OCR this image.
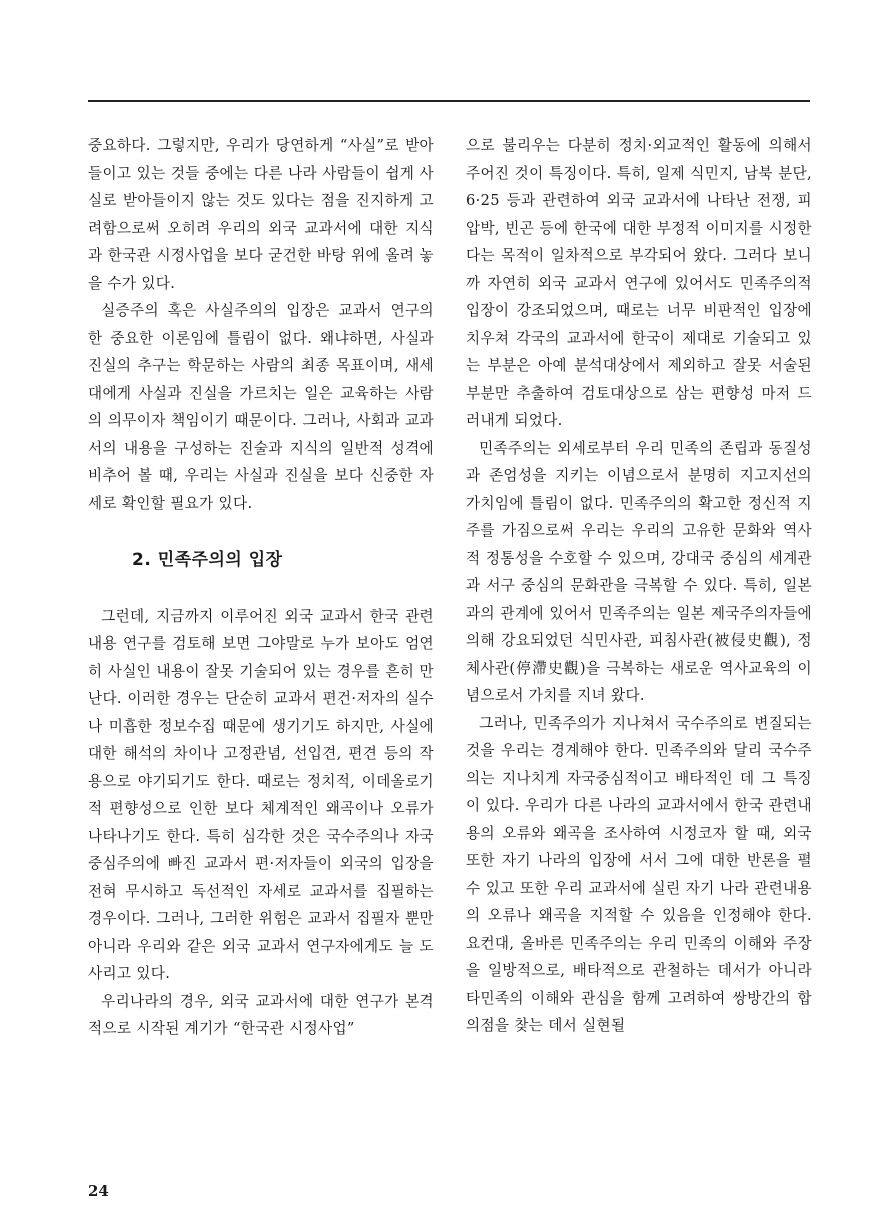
중요하다. 그렇지만, 우리가 당연하게 “사실”로 받아들이고 있는 것들 중에는 다른 나라 사람들이 쉽게 사실로 받아들이지 않는 것도 있다는 점을 진지하게 고려함으로써 오히려 우리의 외국 교과서에 대한 지식과 한국관 시정사업을 보다 굳건한 바탕 위에 올려 놓을 수가 있다.

실증주의 혹은 사실주의의 입장은 교과서 연구의 한 중요한 이론임에 틀림이 없다. 왜냐하면, 사실과 진실의 추구는 학문하는 사람의 최종 목표이며, 새세대에게 사실과 진실을 가르치는 일은 교육하는 사람의 의무이자 책임이기 때문이다. 그러나, 사회과 교과서의 내용을 구성하는 진술과 지식의 일반적 성격에 비추어 볼 때, 우리는 사실과 진실을 보다 신중한 자세로 확인할 필요가 있다.

2. 민족주의의 입장

그런데, 지금까지 이루어진 외국 교과서 한국 관련내용 연구를 검토해 보면 그야말로 누가 보아도 엄연히 사실인 내용이 잘못 기술되어 있는 경우를 흔히 만난다. 이러한 경우는 단순히 교과서 편건·저자의 실수나 미흡한 정보수집 때문에 생기기도 하지만, 사실에 대한 해석의 차이나 고정관념, 선입견, 편견 등의 작용으로 야기되기도 한다. 때로는 정치적, 이데올로기적 편향성으로 인한 보다 체계적인 왜곡이나 오류가 나타나기도 한다. 특히 심각한 것은 국수주의나 자국중심주의에 빠진 교과서 편·저자들이 외국의 입장을 전혀 무시하고 독선적인 자세로 교과서를 집필하는 경우이다. 그러나, 그러한 위험은 교과서 집필자 뿐만 아니라 우리와 같은 외국 교과서 연구자에게도 늘 도사리고 있다.

우리나라의 경우, 외국 교과서에 대한 연구가 본격적으로 시작된 계기가 “한국관 시정사업”

으로 불리우는 다분히 정치·외교적인 활동에 의해서 주어진 것이 특징이다. 특히, 일제 식민지, 남북 분단, 6·25 등과 관련하여 외국 교과서에 나타난 전쟁, 피압박, 빈곤 등에 한국에 대한 부정적 이미지를 시정한다는 목적이 일차적으로 부각되어 왔다. 그러다 보니까 자연히 외국 교과서 연구에 있어서도 민족주의적 입장이 강조되었으며, 때로는 너무 비판적인 입장에 치우쳐 각국의 교과서에 한국이 제대로 기술되고 있는 부분은 아예 분석대상에서 제외하고 잘못 서술된 부분만 추출하여 검토대상으로 삼는 편향성 마저 드러내게 되었다.

민족주의는 외세로부터 우리 민족의 존립과 동질성과 존엄성을 지키는 이념으로서 분명히 지고지선의 가치임에 틀림이 없다. 민족주의의 확고한 정신적 지주를 가짐으로써 우리는 우리의 고유한 문화와 역사적 정통성을 수호할 수 있으며, 강대국 중심의 세계관과 서구 중심의 문화관을 극복할 수 있다. 특히, 일본과의 관계에 있어서 민족주의는 일본 제국주의자들에 의해 강요되었던 식민사관, 피침사관(被侵史觀), 정체사관(停滯史觀)을 극복하는 새로운 역사교육의 이념으로서 가치를 지녀 왔다.

그러나, 민족주의가 지나쳐서 국수주의로 변질되는 것을 우리는 경계해야 한다. 민족주의와 달리 국수주의는 지나치게 자국중심적이고 배타적인 데 그 특징이 있다. 우리가 다른 나라의 교과서에서 한국 관련내용의 오류와 왜곡을 조사하여 시정코자 할 때, 외국 또한 자기 나라의 입장에 서서 그에 대한 반론을 펼 수 있고 또한 우리 교과서에 실린 자기 나라 관련내용의 오류나 왜곡을 지적할 수 있음을 인정해야 한다. 요컨대, 올바른 민족주의는 우리 민족의 이해와 주장을 일방적으로, 배타적으로 관철하는 데서가 아니라 타민족의 이해와 관심을 함께 고려하여 쌍방간의 합의점을 찾는 데서 실현될

24
